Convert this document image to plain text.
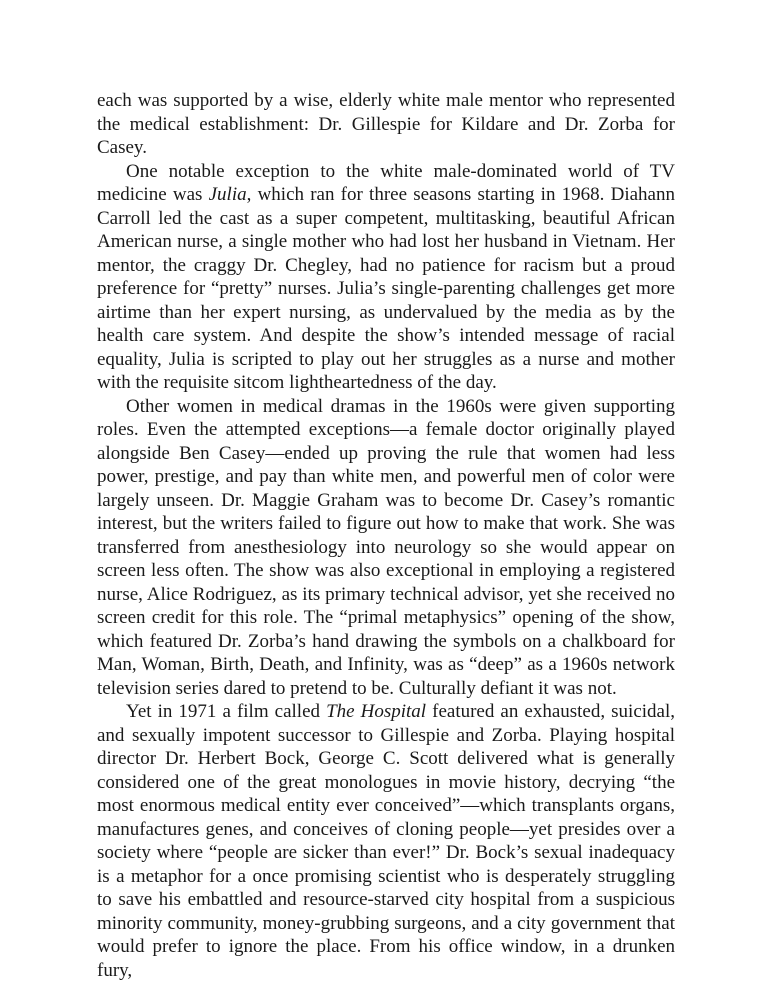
each was supported by a wise, elderly white male mentor who represented the medical establishment: Dr. Gillespie for Kildare and Dr. Zorba for Casey.

One notable exception to the white male-dominated world of TV medicine was Julia, which ran for three seasons starting in 1968. Diahann Carroll led the cast as a super competent, multitasking, beautiful African American nurse, a single mother who had lost her husband in Vietnam. Her mentor, the craggy Dr. Chegley, had no patience for racism but a proud preference for “pretty” nurses. Julia’s single-parenting challenges get more airtime than her expert nursing, as undervalued by the media as by the health care system. And despite the show’s intended message of racial equality, Julia is scripted to play out her struggles as a nurse and mother with the requisite sitcom lightheartedness of the day.

Other women in medical dramas in the 1960s were given supporting roles. Even the attempted exceptions—a female doctor originally played alongside Ben Casey—ended up proving the rule that women had less power, prestige, and pay than white men, and powerful men of color were largely unseen. Dr. Maggie Graham was to become Dr. Casey’s romantic interest, but the writers failed to figure out how to make that work. She was transferred from anesthesiology into neurology so she would appear on screen less often. The show was also exceptional in employing a registered nurse, Alice Rodriguez, as its primary technical advisor, yet she received no screen credit for this role. The “primal metaphysics” opening of the show, which featured Dr. Zorba’s hand drawing the symbols on a chalkboard for Man, Woman, Birth, Death, and Infinity, was as “deep” as a 1960s network television series dared to pretend to be. Culturally defiant it was not.

Yet in 1971 a film called The Hospital featured an exhausted, suicidal, and sexually impotent successor to Gillespie and Zorba. Playing hospital director Dr. Herbert Bock, George C. Scott delivered what is generally considered one of the great monologues in movie history, decrying “the most enormous medical entity ever conceived”—which transplants organs, manufactures genes, and conceives of cloning people—yet presides over a society where “people are sicker than ever!” Dr. Bock’s sexual inadequacy is a metaphor for a once promising scientist who is desperately struggling to save his embattled and resource-starved city hospital from a suspicious minority community, money-grubbing surgeons, and a city government that would prefer to ignore the place. From his office window, in a drunken fury,
